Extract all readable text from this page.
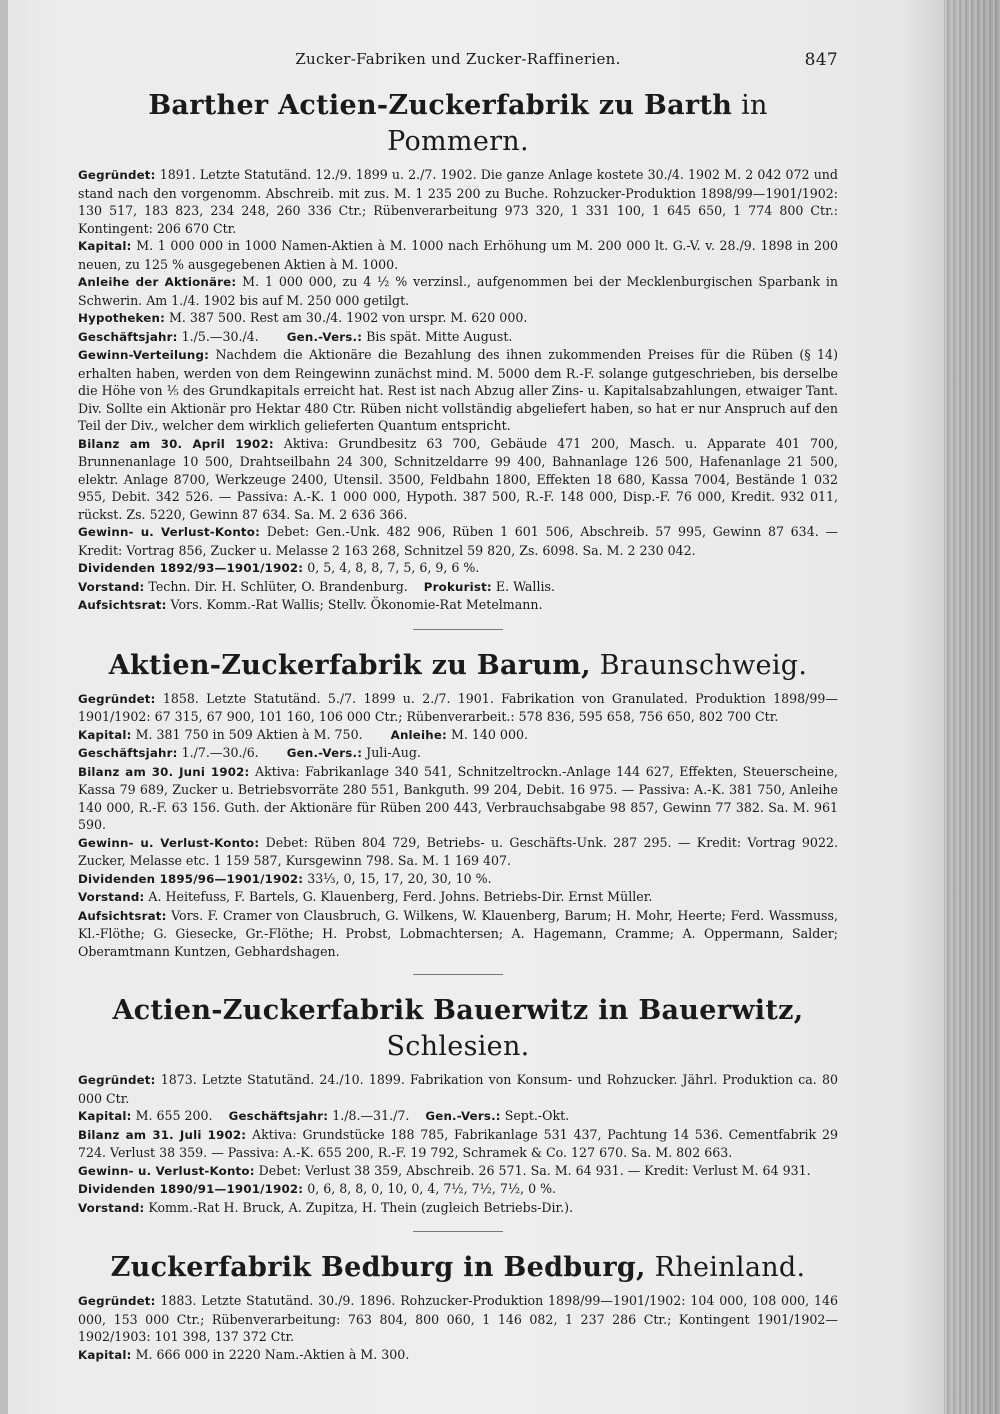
Zucker-Fabriken und Zucker-Raffinerien.	847
Barther Actien-Zuckerfabrik zu Barth in Pommern.

Gegründet: 1891. Letzte Statutänd. 12./9. 1899 u. 2./7. 1902. Die ganze Anlage kostete 30./4. 1902 M. 2 042 072 und stand nach den vorgenomm. Abschreib. mit zus. M. 1 235 200 zu Buche. Rohzucker-Produktion 1898/99—1901/1902: 130 517, 183 823, 234 248, 260 336 Ctr.; Rübenverarbeitung 973 320, 1 331 100, 1 645 650, 1 774 800 Ctr.: Kontingent: 206 670 Ctr.

Kapital: M. 1 000 000 in 1000 Namen-Aktien à M. 1000 nach Erhöhung um M. 200 000 lt. G.-V. v. 28./9. 1898 in 200 neuen, zu 125 % ausgegebenen Aktien à M. 1000.

Anleihe der Aktionäre: M. 1 000 000, zu 4 ½ % verzinsl., aufgenommen bei der Mecklenburgischen Sparbank in Schwerin. Am 1./4. 1902 bis auf M. 250 000 getilgt.

Hypotheken: M. 387 500. Rest am 30./4. 1902 von urspr. M. 620 000.

Geschäftsjahr: 1./5.—30./4. Gen.-Vers.: Bis spät. Mitte August.

Gewinn-Verteilung: Nachdem die Aktionäre die Bezahlung des ihnen zukommenden Preises für die Rüben (§ 14) erhalten haben, werden von dem Reingewinn zunächst mind. M. 5000 dem R.-F. solange gutgeschrieben, bis derselbe die Höhe von ⅕ des Grundkapitals erreicht hat. Rest ist nach Abzug aller Zins- u. Kapitalsabzahlungen, etwaiger Tant. Div. Sollte ein Aktionär pro Hektar 480 Ctr. Rüben nicht vollständig abgeliefert haben, so hat er nur Anspruch auf den Teil der Div., welcher dem wirklich gelieferten Quantum entspricht.

Bilanz am 30. April 1902: Aktiva: Grundbesitz 63 700, Gebäude 471 200, Masch. u. Apparate 401 700, Brunnenanlage 10 500, Drahtseilbahn 24 300, Schnitzeldarre 99 400, Bahnanlage 126 500, Hafenanlage 21 500, elektr. Anlage 8700, Werkzeuge 2400, Utensil. 3500, Feldbahn 1800, Effekten 18 680, Kassa 7004, Bestände 1 032 955, Debit. 342 526. — Passiva: A.-K. 1 000 000, Hypoth. 387 500, R.-F. 148 000, Disp.-F. 76 000, Kredit. 932 011, rückst. Zs. 5220, Gewinn 87 634. Sa. M. 2 636 366.

Gewinn- u. Verlust-Konto: Debet: Gen.-Unk. 482 906, Rüben 1 601 506, Abschreib. 57 995, Gewinn 87 634. — Kredit: Vortrag 856, Zucker u. Melasse 2 163 268, Schnitzel 59 820, Zs. 6098. Sa. M. 2 230 042.

Dividenden 1892/93—1901/1902: 0, 5, 4, 8, 8, 7, 5, 6, 9, 6 %.

Vorstand: Techn. Dir. H. Schlüter, O. Brandenburg. Prokurist: E. Wallis.

Aufsichtsrat: Vors. Komm.-Rat Wallis; Stellv. Ökonomie-Rat Metelmann.

Aktien-Zuckerfabrik zu Barum, Braunschweig.

Gegründet: 1858. Letzte Statutänd. 5./7. 1899 u. 2./7. 1901. Fabrikation von Granulated. Produktion 1898/99—1901/1902: 67 315, 67 900, 101 160, 106 000 Ctr.; Rübenverarbeit.: 578 836, 595 658, 756 650, 802 700 Ctr.

Kapital: M. 381 750 in 509 Aktien à M. 750. Anleihe: M. 140 000.

Geschäftsjahr: 1./7.—30./6. Gen.-Vers.: Juli-Aug.

Bilanz am 30. Juni 1902: Aktiva: Fabrikanlage 340 541, Schnitzeltrockn.-Anlage 144 627, Effekten, Steuerscheine, Kassa 79 689, Zucker u. Betriebsvorräte 280 551, Bankguth. 99 204, Debit. 16 975. — Passiva: A.-K. 381 750, Anleihe 140 000, R.-F. 63 156. Guth. der Aktionäre für Rüben 200 443, Verbrauchsabgabe 98 857, Gewinn 77 382. Sa. M. 961 590.

Gewinn- u. Verlust-Konto: Debet: Rüben 804 729, Betriebs- u. Geschäfts-Unk. 287 295. — Kredit: Vortrag 9022. Zucker, Melasse etc. 1 159 587, Kursgewinn 798. Sa. M. 1 169 407.

Dividenden 1895/96—1901/1902: 33⅓, 0, 15, 17, 20, 30, 10 %.

Vorstand: A. Heitefuss, F. Bartels, G. Klauenberg, Ferd. Johns. Betriebs-Dir. Ernst Müller.

Aufsichtsrat: Vors. F. Cramer von Clausbruch, G. Wilkens, W. Klauenberg, Barum; H. Mohr, Heerte; Ferd. Wassmuss, Kl.-Flöthe; G. Giesecke, Gr.-Flöthe; H. Probst, Lobmachtersen; A. Hagemann, Cramme; A. Oppermann, Salder; Oberamtmann Kuntzen, Gebhardshagen.

Actien-Zuckerfabrik Bauerwitz in Bauerwitz, Schlesien.

Gegründet: 1873. Letzte Statutänd. 24./10. 1899. Fabrikation von Konsum- und Rohzucker. Jährl. Produktion ca. 80 000 Ctr.

Kapital: M. 655 200. Geschäftsjahr: 1./8.—31./7. Gen.-Vers.: Sept.-Okt.

Bilanz am 31. Juli 1902: Aktiva: Grundstücke 188 785, Fabrikanlage 531 437, Pachtung 14 536. Cementfabrik 29 724. Verlust 38 359. — Passiva: A.-K. 655 200, R.-F. 19 792, Schramek & Co. 127 670. Sa. M. 802 663.

Gewinn- u. Verlust-Konto: Debet: Verlust 38 359, Abschreib. 26 571. Sa. M. 64 931. — Kredit: Verlust M. 64 931.

Dividenden 1890/91—1901/1902: 0, 6, 8, 8, 0, 10, 0, 4, 7½, 7½, 7½, 0 %.

Vorstand: Komm.-Rat H. Bruck, A. Zupitza, H. Thein (zugleich Betriebs-Dir.).

Zuckerfabrik Bedburg in Bedburg, Rheinland.

Gegründet: 1883. Letzte Statutänd. 30./9. 1896. Rohzucker-Produktion 1898/99—1901/1902: 104 000, 108 000, 146 000, 153 000 Ctr.; Rübenverarbeitung: 763 804, 800 060, 1 146 082, 1 237 286 Ctr.; Kontingent 1901/1902—1902/1903: 101 398, 137 372 Ctr.

Kapital: M. 666 000 in 2220 Nam.-Aktien à M. 300.
